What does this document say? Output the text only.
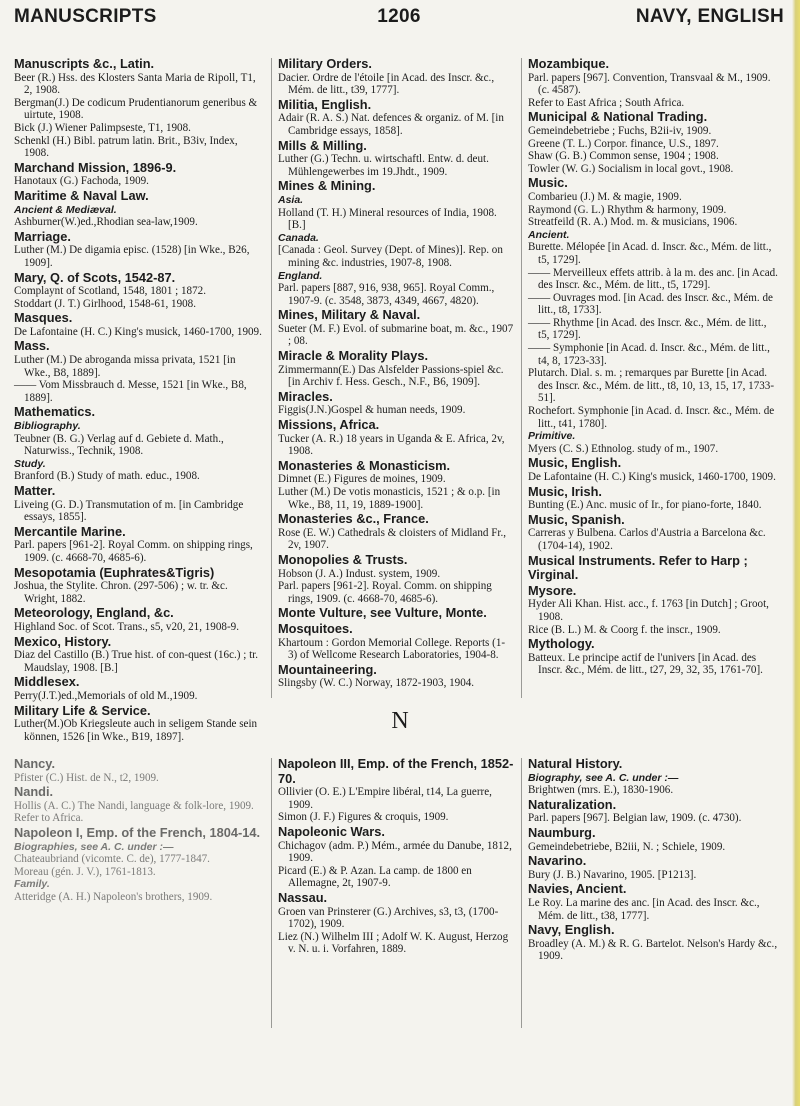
MANUSCRIPTS	1206	NAVY, ENGLISH
Manuscripts &c., Latin.
Beer (R.) Hss. des Klosters Santa Maria de Ripoll, T1, 2, 1908.
Bergman(J.) De codicum Prudentianorum generibus & uirtute, 1908.
Bick (J.) Wiener Palimpseste, T1, 1908.
Schenkl (H.) Bibl. patrum latin. Brit., B3iv, Index, 1908.
Marchand Mission, 1896-9.
Hanotaux (G.) Fachoda, 1909.
Maritime & Naval Law.
Ancient & Mediæval.
Ashburner(W.)ed.,Rhodian sea-law,1909.
Marriage.
Luther (M.) De digamia episc. (1528) [in Wke., B26, 1909].
Mary, Q. of Scots, 1542-87.
Complaynt of Scotland, 1548, 1801 ; 1872.
Stoddart (J. T.) Girlhood, 1548-61, 1908.
Masques.
De Lafontaine (H. C.) King's musick, 1460-1700, 1909.
Mass.
Luther (M.) De abroganda missa privata, 1521 [in Wke., B8, 1889].
—— Vom Missbrauch d. Messe, 1521 [in Wke., B8, 1889].
Mathematics.
Bibliography.
Teubner (B. G.) Verlag auf d. Gebiete d. Math., Naturwiss., Technik, 1908.
Study.
Branford (B.) Study of math. educ., 1908.
Matter.
Liveing (G. D.) Transmutation of m. [in Cambridge essays, 1855].
Mercantile Marine.
Parl. papers [961-2]. Royal Comm. on shipping rings, 1909. (c. 4668-70, 4685-6).
Mesopotamia (Euphrates&Tigris)
Joshua, the Stylite. Chron. (297-506) ; w. tr. &c. Wright, 1882.
Meteorology, England, &c.
Highland Soc. of Scot. Trans., s5, v20, 21, 1908-9.
Mexico, History.
Diaz del Castillo (B.) True hist. of con-quest (16c.) ; tr. Maudslay, 1908. [B.]
Middlesex.
Perry(J.T.)ed.,Memorials of old M.,1909.
Military Life & Service.
Luther(M.)Ob Kriegsleute auch in seligem Stande sein können, 1526 [in Wke., B19, 1897].
Military Orders.
Dacier. Ordre de l'étoile [in Acad. des Inscr. &c., Mém. de litt., t39, 1777].
Militia, English.
Adair (R. A. S.) Nat. defences & organiz. of M. [in Cambridge essays, 1858].
Mills & Milling.
Luther (G.) Techn. u. wirtschaftl. Entw. d. deut. Mühlengewerbes im 19.Jhdt., 1909.
Mines & Mining.
Asia.
Holland (T. H.) Mineral resources of India, 1908. [B.]
Canada.
[Canada : Geol. Survey (Dept. of Mines)]. Rep. on mining &c. industries, 1907-8, 1908.
England.
Parl. papers [887, 916, 938, 965]. Royal Comm., 1907-9. (c. 3548, 3873, 4349, 4667, 4820).
Mines, Military & Naval.
Sueter (M. F.) Evol. of submarine boat, m. &c., 1907 ; 08.
Miracle & Morality Plays.
Zimmermann(E.) Das Alsfelder Passions-spiel &c. [in Archiv f. Hess. Gesch., N.F., B6, 1909].
Miracles.
Figgis(J.N.)Gospel & human needs, 1909.
Missions, Africa.
Tucker (A. R.) 18 years in Uganda & E. Africa, 2v, 1908.
Monasteries & Monasticism.
Dimnet (E.) Figures de moines, 1909.
Luther (M.) De votis monasticis, 1521 ; & o.p. [in Wke., B8, 11, 19, 1889-1900].
Monasteries &c., France.
Rose (E. W.) Cathedrals & cloisters of Midland Fr., 2v, 1907.
Monopolies & Trusts.
Hobson (J. A.) Indust. system, 1909.
Parl. papers [961-2]. Royal. Comm. on shipping rings, 1909. (c. 4668-70, 4685-6).
Monte Vulture, see Vulture, Monte.
Mosquitoes.
Khartoum : Gordon Memorial College. Reports (1-3) of Wellcome Research Laboratories, 1904-8.
Mountaineering.
Slingsby (W. C.) Norway, 1872-1903, 1904.
Mozambique.
Parl. papers [967]. Convention, Transvaal & M., 1909. (c. 4587).
Refer to East Africa ; South Africa.
Municipal & National Trading.
Gemeindebetriebe ; Fuchs, B2ii-iv, 1909.
Greene (T. L.) Corpor. finance, U.S., 1897.
Shaw (G. B.) Common sense, 1904 ; 1908.
Towler (W. G.) Socialism in local govt., 1908.
Music.
Combarieu (J.) M. & magie, 1909.
Raymond (G. L.) Rhythm & harmony, 1909.
Streatfeild (R. A.) Mod. m. & musicians, 1906.
Ancient.
Burette. Mélopée [in Acad. d. Inscr. &c., Mém. de litt., t5, 1729].
—— Merveilleux effets attrib. à la m. des anc. [in Acad. des Inscr. &c., Mém. de litt., t5, 1729].
—— Ouvrages mod. [in Acad. des Inscr. &c., Mém. de litt., t8, 1733].
—— Rhythme [in Acad. des Inscr. &c., Mém. de litt., t5, 1729].
—— Symphonie [in Acad. d. Inscr. &c., Mém. de litt., t4, 8, 1723-33].
Plutarch. Dial. s. m. ; remarques par Burette [in Acad. des Inscr. &c., Mém. de litt., t8, 10, 13, 15, 17, 1733-51].
Rochefort. Symphonie [in Acad. d. Inscr. &c., Mém. de litt., t41, 1780].
Primitive.
Myers (C. S.) Ethnolog. study of m., 1907.
Music, English.
De Lafontaine (H. C.) King's musick, 1460-1700, 1909.
Music, Irish.
Bunting (E.) Anc. music of Ir., for piano-forte, 1840.
Music, Spanish.
Carreras y Bulbena. Carlos d'Austria a Barcelona &c. (1704-14), 1902.
Musical Instruments. Refer to Harp ; Virginal.
Mysore.
Hyder Ali Khan. Hist. acc., f. 1763 [in Dutch] ; Groot, 1908.
Rice (B. L.) M. & Coorg f. the inscr., 1909.
Mythology.
Batteux. Le principe actif de l'univers [in Acad. des Inscr. &c., Mém. de litt., t27, 29, 32, 35, 1761-70].
N
Nancy.
Pfister (C.) Hist. de N., t2, 1909.
Nandi.
Hollis (A. C.) The Nandi, language & folk-lore, 1909.
Refer to Africa.
Napoleon I, Emp. of the French, 1804-14.
Biographies, see A. C. under :—
Chateaubriand (vicomte. C. de), 1777-1847.
Moreau (gén. J. V.), 1761-1813.
Family.
Atteridge (A. H.) Napoleon's brothers, 1909.
Napoleon III, Emp. of the French, 1852-70.
Ollivier (O. E.) L'Empire libéral, t14, La guerre, 1909.
Simon (J. F.) Figures & croquis, 1909.
Napoleonic Wars.
Chichagov (adm. P.) Mém., armée du Danube, 1812, 1909.
Picard (E.) & P. Azan. La camp. de 1800 en Allemagne, 2t, 1907-9.
Nassau.
Groen van Prinsterer (G.) Archives, s3, t3, (1700-1702), 1909.
Liez (N.) Wilhelm III ; Adolf W. K. August, Herzog v. N. u. i. Vorfahren, 1889.
Natural History.
Biography, see A. C. under :—
Brightwen (mrs. E.), 1830-1906.
Naturalization.
Parl. papers [967]. Belgian law, 1909. (c. 4730).
Naumburg.
Gemeindebetriebe, B2iii, N. ; Schiele, 1909.
Navarino.
Bury (J. B.) Navarino, 1905. [P1213].
Navies, Ancient.
Le Roy. La marine des anc. [in Acad. des Inscr. &c., Mém. de litt., t38, 1777].
Navy, English.
Broadley (A. M.) & R. G. Bartelot. Nelson's Hardy &c., 1909.
